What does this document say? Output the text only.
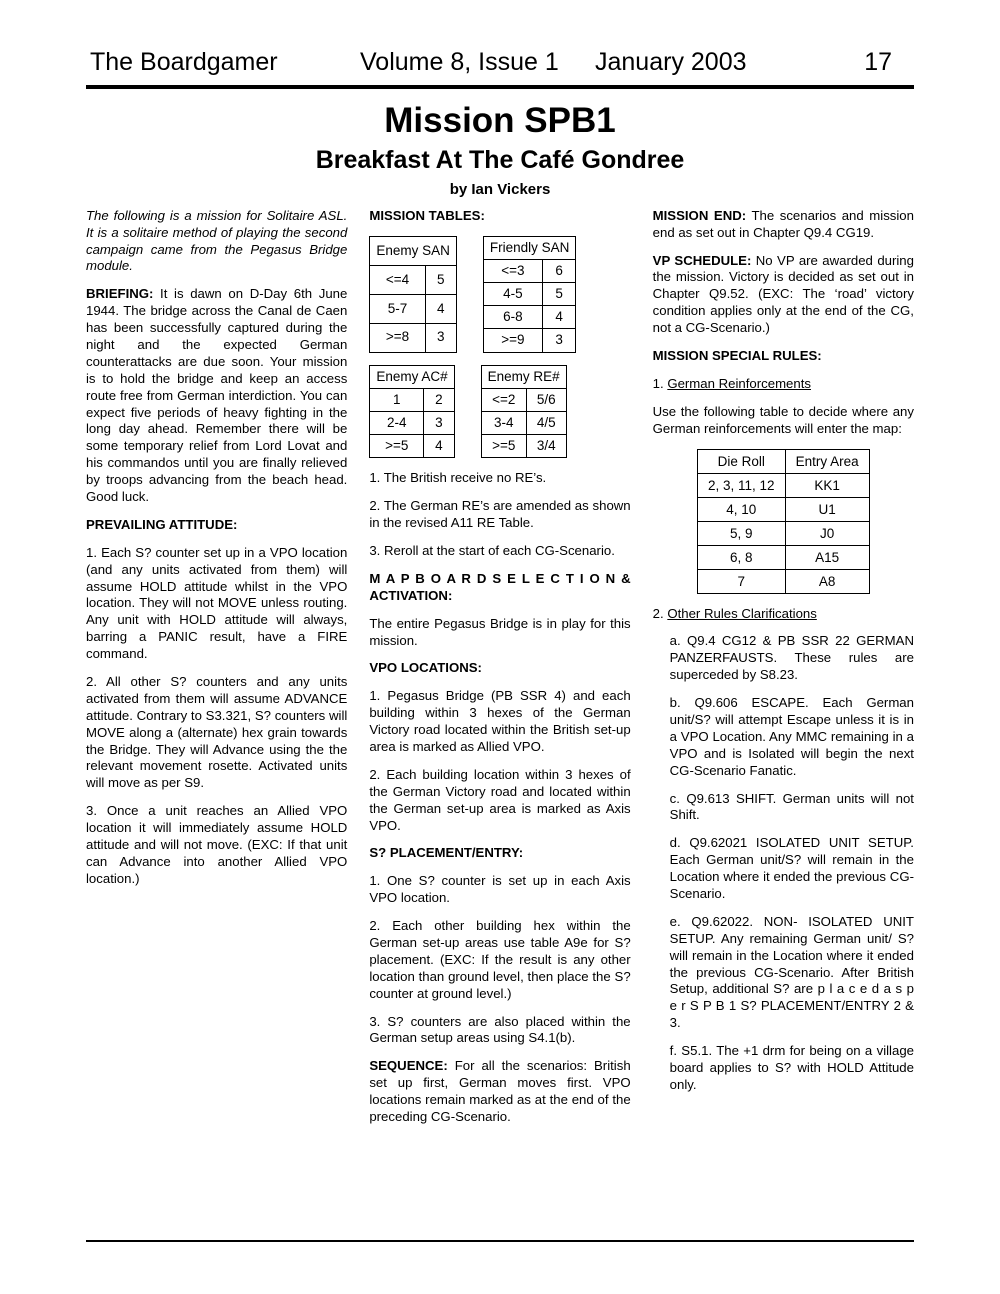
The Boardgamer	Volume 8, Issue 1	January 2003	17
Mission SPB1
Breakfast At The Café Gondree
by Ian Vickers
The following is a mission for Solitaire ASL. It is a solitaire method of playing the second campaign came from the Pegasus Bridge module.
BRIEFING: It is dawn on D-Day 6th June 1944. The bridge across the Canal de Caen has been successfully captured during the night and the expected German counterattacks are due soon. Your mission is to hold the bridge and keep an access route free from German interdiction. You can expect five periods of heavy fighting in the long day ahead. Remember there will be some temporary relief from Lord Lovat and his commandos until you are finally relieved by troops advancing from the beach head. Good luck.
PREVAILING ATTITUDE:
1. Each S? counter set up in a VPO location (and any units activated from them) will assume HOLD attitude whilst in the VPO location. They will not MOVE unless routing. Any unit with HOLD attitude will always, barring a PANIC result, have a FIRE command.
2. All other S? counters and any units activated from them will assume ADVANCE attitude. Contrary to S3.321, S? counters will MOVE along a (alternate) hex grain towards the Bridge. They will Advance using the the relevant movement rosette. Activated units will move as per S9.
3. Once a unit reaches an Allied VPO location it will immediately assume HOLD attitude and will not move. (EXC: If that unit can Advance into another Allied VPO location.)
MISSION TABLES:
Enemy SAN	
<=4	5
5-7	4
>=8	3
Friendly SAN	
<=3	6
4-5	5
6-8	4
>=9	3
Enemy AC#	
1	2
2-4	3
>=5	4
Enemy RE#	
<=2	5/6
3-4	4/5
>=5	3/4
1. The British receive no RE’s.
2. The German RE’s are amended as shown in the revised A11 RE Table.
3. Reroll at the start of each CG-Scenario.
M A P B O A R D S E L E C T I O N & ACTIVATION:
The entire Pegasus Bridge is in play for this mission.
VPO LOCATIONS:
1. Pegasus Bridge (PB SSR 4) and each building within 3 hexes of the German Victory road located within the British set-up area is marked as Allied VPO.
2. Each building location within 3 hexes of the German Victory road and located within the German set-up area is marked as Axis VPO.
S? PLACEMENT/ENTRY:
1. One S? counter is set up in each Axis VPO location.
2. Each other building hex within the German set-up areas use table A9e for S? placement. (EXC: If the result is any other location than ground level, then place the S? counter at ground level.)
3. S? counters are also placed within the German setup areas using S4.1(b).
SEQUENCE: For all the scenarios: British set up first, German moves first. VPO locations remain marked as at the end of the preceding CG-Scenario.
MISSION END: The scenarios and mission end as set out in Chapter Q9.4 CG19.
VP SCHEDULE: No VP are awarded during the mission. Victory is decided as set out in Chapter Q9.52. (EXC: The ‘road’ victory condition applies only at the end of the CG, not a CG-Scenario.)
MISSION SPECIAL RULES:
1. German Reinforcements
Use the following table to decide where any German reinforcements will enter the map:
Die Roll	Entry Area
2, 3, 11, 12	KK1
4, 10	U1
5, 9	J0
6, 8	A15
7	A8
2. Other Rules Clarifications
a. Q9.4 CG12 & PB SSR 22 GERMAN PANZERFAUSTS. These rules are superceded by S8.23.
b. Q9.606 ESCAPE. Each German unit/S? will attempt Escape unless it is in a VPO Location. Any MMC remaining in a VPO and is Isolated will begin the next CG-Scenario Fanatic.
c. Q9.613 SHIFT. German units will not Shift.
d. Q9.62021 ISOLATED UNIT SETUP. Each German unit/S? will remain in the Location where it ended the previous CG-Scenario.
e. Q9.62022. NON- ISOLATED UNIT SETUP. Any remaining German unit/ S? will remain in the Location where it ended the previous CG-Scenario. After British Setup, additional S? are p l a c e d a s p e r S P B 1 S? PLACEMENT/ENTRY 2 & 3.
f. S5.1. The +1 drm for being on a village board applies to S? with HOLD Attitude only.
